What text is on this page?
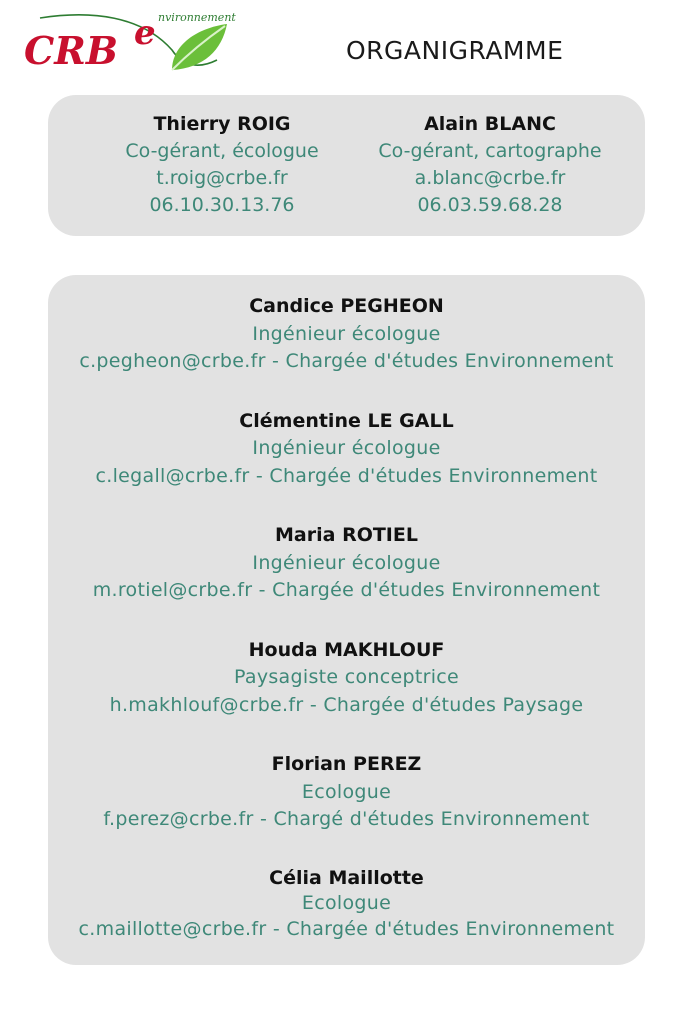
CRB e nvironnement
ORGANIGRAMME
Thierry ROIG
Co-gérant, écologue
t.roig@crbe.fr
06.10.30.13.76
Alain BLANC
Co-gérant, cartographe
a.blanc@crbe.fr
06.03.59.68.28
Candice PEGHEON
Ingénieur écologue
c.pegheon@crbe.fr - Chargée d'études Environnement
Clémentine LE GALL
Ingénieur écologue
c.legall@crbe.fr - Chargée d'études Environnement
Maria ROTIEL
Ingénieur écologue
m.rotiel@crbe.fr - Chargée d'études Environnement
Houda MAKHLOUF
Paysagiste conceptrice
h.makhlouf@crbe.fr - Chargée d'études Paysage
Florian PEREZ
Ecologue
f.perez@crbe.fr - Chargé d'études Environnement
Célia Maillotte
Ecologue
c.maillotte@crbe.fr - Chargée d'études Environnement
